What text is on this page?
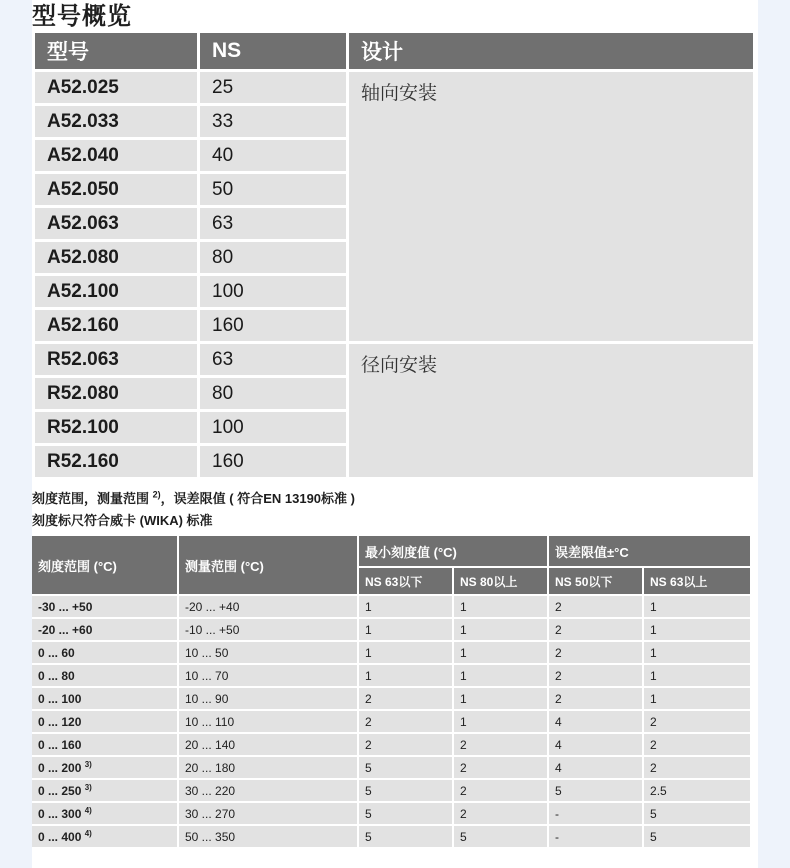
型号概览
型号	NS	设计
A52.025	25	轴向安装
A52.033	33	
A52.040	40	
A52.050	50	
A52.063	63	
A52.080	80	
A52.100	100	
A52.160	160	
R52.063	63	径向安装
R52.080	80	
R52.100	100	
R52.160	160	
刻度范围，测量范围 $^{2)}$，误差限值 ( 符合EN 13190标准 )
刻度标尺符合威卡 (WIKA) 标准
刻度范围 (°C)	测量范围 (°C)	最小刻度值 (°C)		误差限值±°C	
		NS 63以下	NS 80以上	NS 50以下	NS 63以上
-30 ... +50	-20 ... +40	1	1	2	1
-20 ... +60	-10 ... +50	1	1	2	1
0 ... 60	10 ... 50	1	1	2	1
0 ... 80	10 ... 70	1	1	2	1
0 ... 100	10 ... 90	2	1	2	1
0 ... 120	10 ... 110	2	1	4	2
0 ... 160	20 ... 140	2	2	4	2
0 ... 200 $^{3)}$	20 ... 180	5	2	4	2
0 ... 250 $^{3)}$	30 ... 220	5	2	5	2.5
0 ... 300 $^{4)}$	30 ... 270	5	2	-	5
0 ... 400 $^{4)}$	50 ... 350	5	5	-	5
